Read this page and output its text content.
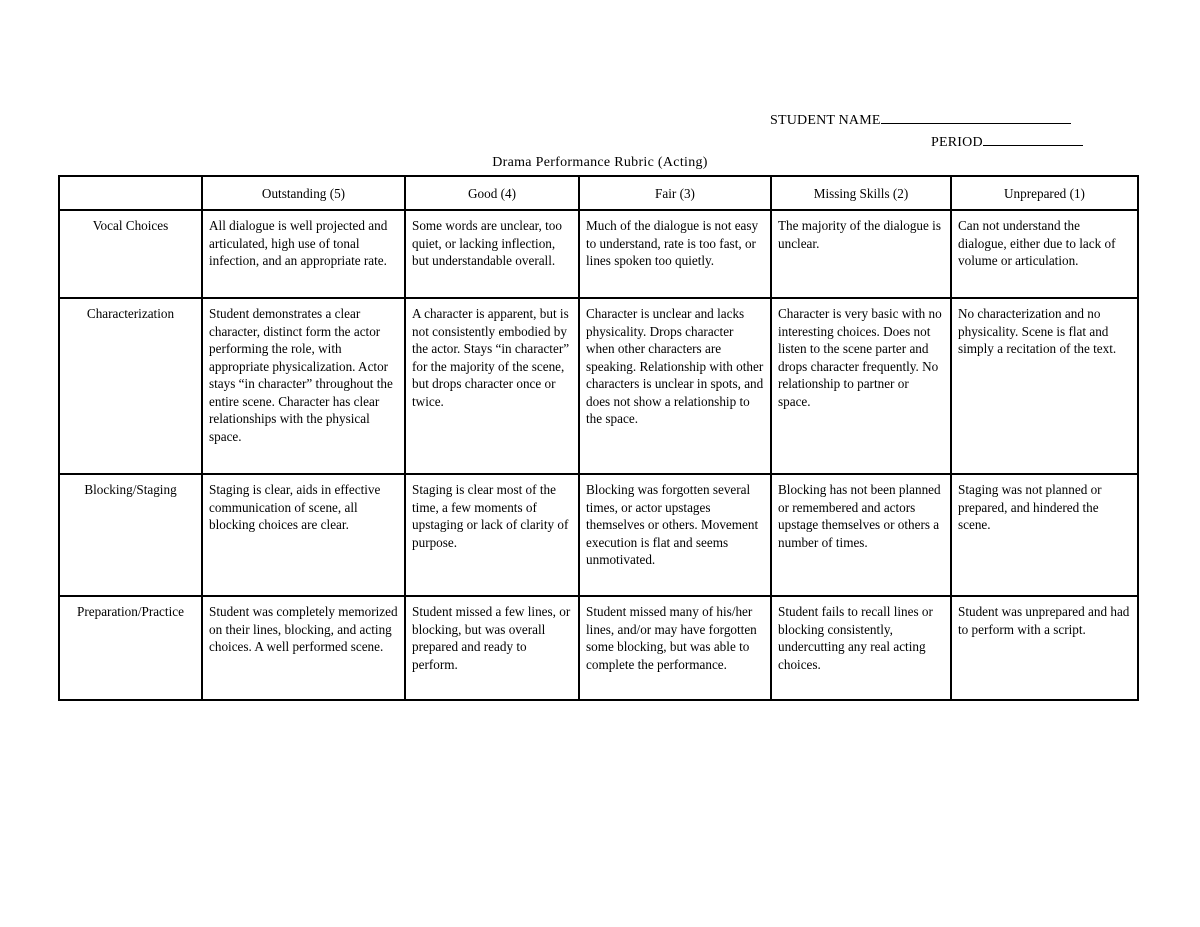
STUDENT NAME
PERIOD
Drama Performance Rubric (Acting)
	Outstanding (5)	Good (4)	Fair (3)	Missing Skills (2)	Unprepared (1)
Vocal Choices	All dialogue is well projected and articulated, high use of tonal infection, and an appropriate rate.	Some words are unclear, too quiet, or lacking inflection, but understandable overall.	Much of the dialogue is not easy to understand, rate is too fast, or lines spoken too quietly.	The majority of the dialogue is unclear.	Can not understand the dialogue, either due to lack of volume or articulation.
Characterization	Student demonstrates a clear character, distinct form the actor performing the role, with appropriate physicalization. Actor stays “in character” throughout the entire scene. Character has clear relationships with the physical space.	A character is apparent, but is not consistently embodied by the actor. Stays “in character” for the majority of the scene, but drops character once or twice.	Character is unclear and lacks physicality. Drops character when other characters are speaking. Relationship with other characters is unclear in spots, and does not show a relationship to the space.	Character is very basic with no interesting choices. Does not listen to the scene parter and drops character frequently. No relationship to partner or space.	No characterization and no physicality. Scene is flat and simply a recitation of the text.
Blocking/Staging	Staging is clear, aids in effective communication of scene, all blocking choices are clear.	Staging is clear most of the time, a few moments of upstaging or lack of clarity of purpose.	Blocking was forgotten several times, or actor upstages themselves or others. Movement execution is flat and seems unmotivated.	Blocking has not been planned or remembered and actors upstage themselves or others a number of times.	Staging was not planned or prepared, and hindered the scene.
Preparation/Practice	Student was completely memorized on their lines, blocking, and acting choices. A well performed scene.	Student missed a few lines, or blocking, but was overall prepared and ready to perform.	Student missed many of his/her lines, and/or may have forgotten some blocking, but was able to complete the performance.	Student fails to recall lines or blocking consistently, undercutting any real acting choices.	Student was unprepared and had to perform with a script.
